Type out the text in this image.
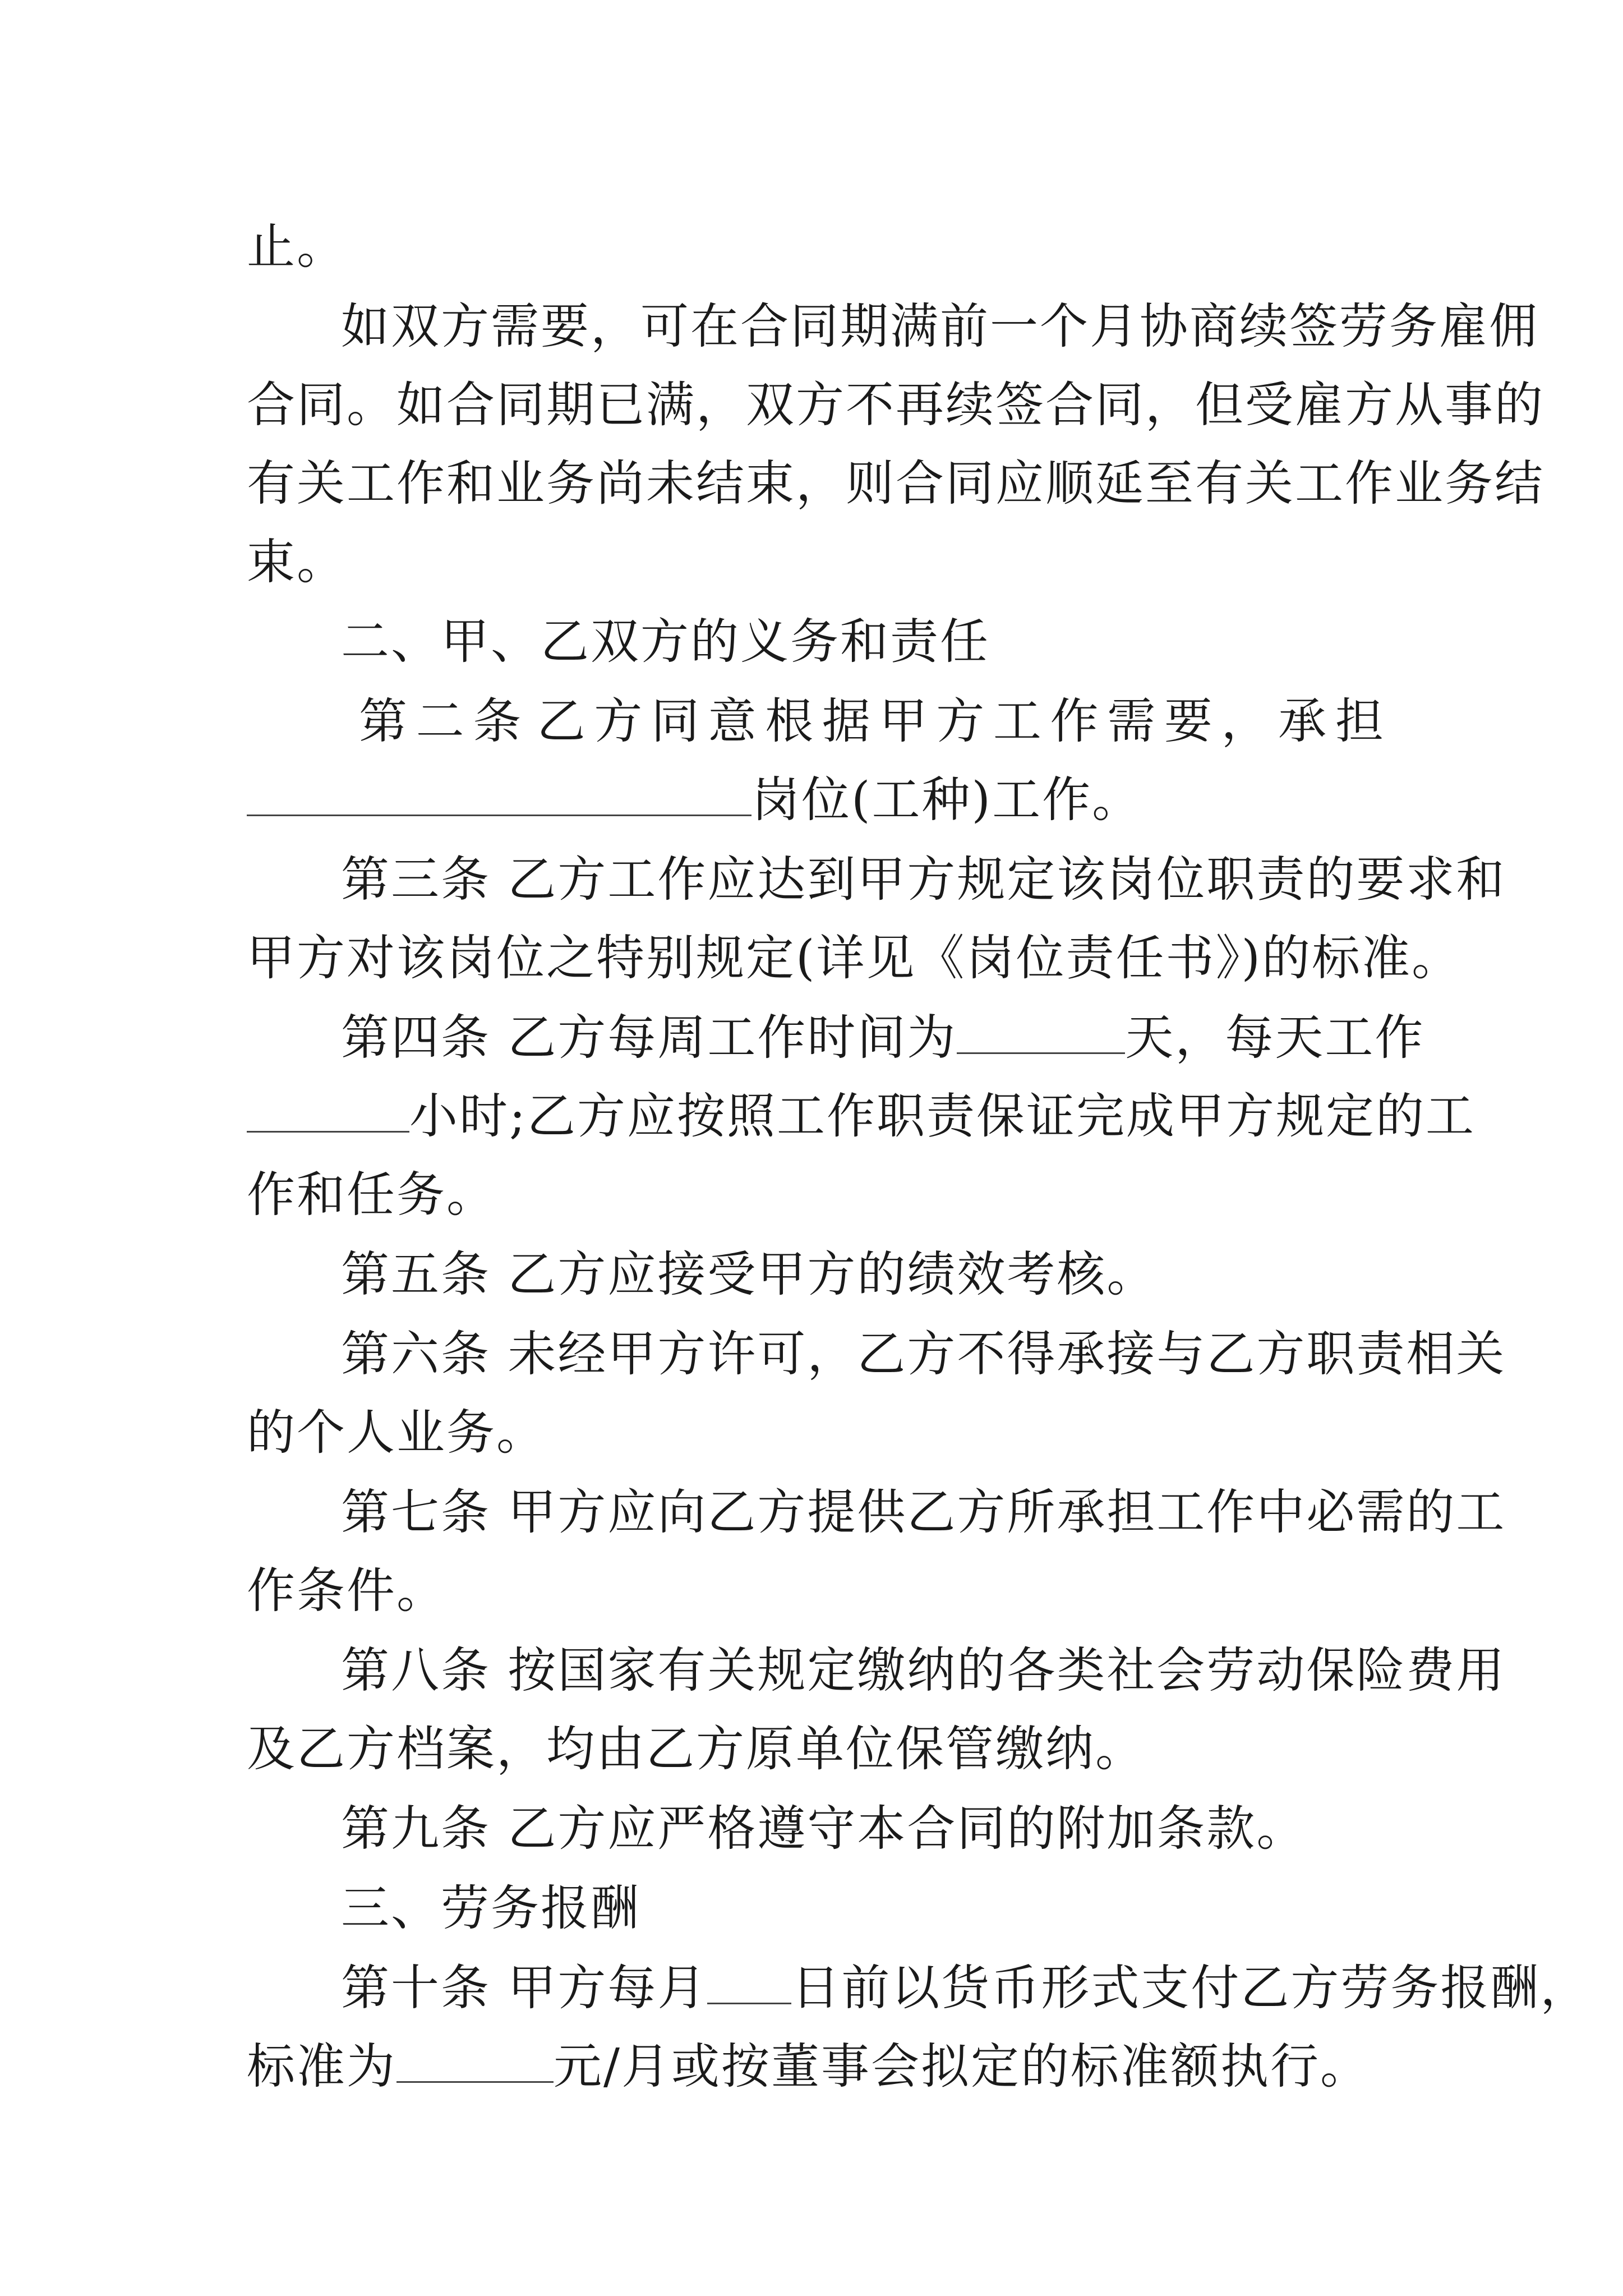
止。
如双方需要，可在合同期满前一个月协商续签劳务雇佣
合同。如合同期已满，双方不再续签合同，但受雇方从事的
有关工作和业务尚未结束，则合同应顺延至有关工作业务结
束。
二、甲、乙双方的义务和责任
第 二 条 乙 方 同 意 根 据 甲 方 工 作 需 要 ， 承 担
岗位(工种)工作。
第三条 乙方工作应达到甲方规定该岗位职责的要求和
甲方对该岗位之特别规定(详见《岗位责任书》)的标准。
第四条 乙方每周工作时间为	天，每天工作
小时;乙方应按照工作职责保证完成甲方规定的工
作和任务。
第五条 乙方应接受甲方的绩效考核。
第六条 未经甲方许可，乙方不得承接与乙方职责相关
的个人业务。
第七条 甲方应向乙方提供乙方所承担工作中必需的工
作条件。
第八条 按国家有关规定缴纳的各类社会劳动保险费用
及乙方档案，均由乙方原单位保管缴纳。
第九条 乙方应严格遵守本合同的附加条款。
三、劳务报酬
第十条 甲方每月 日前以货币形式支付乙方劳务报酬，
标准为	元/月或按董事会拟定的标准额执行。
